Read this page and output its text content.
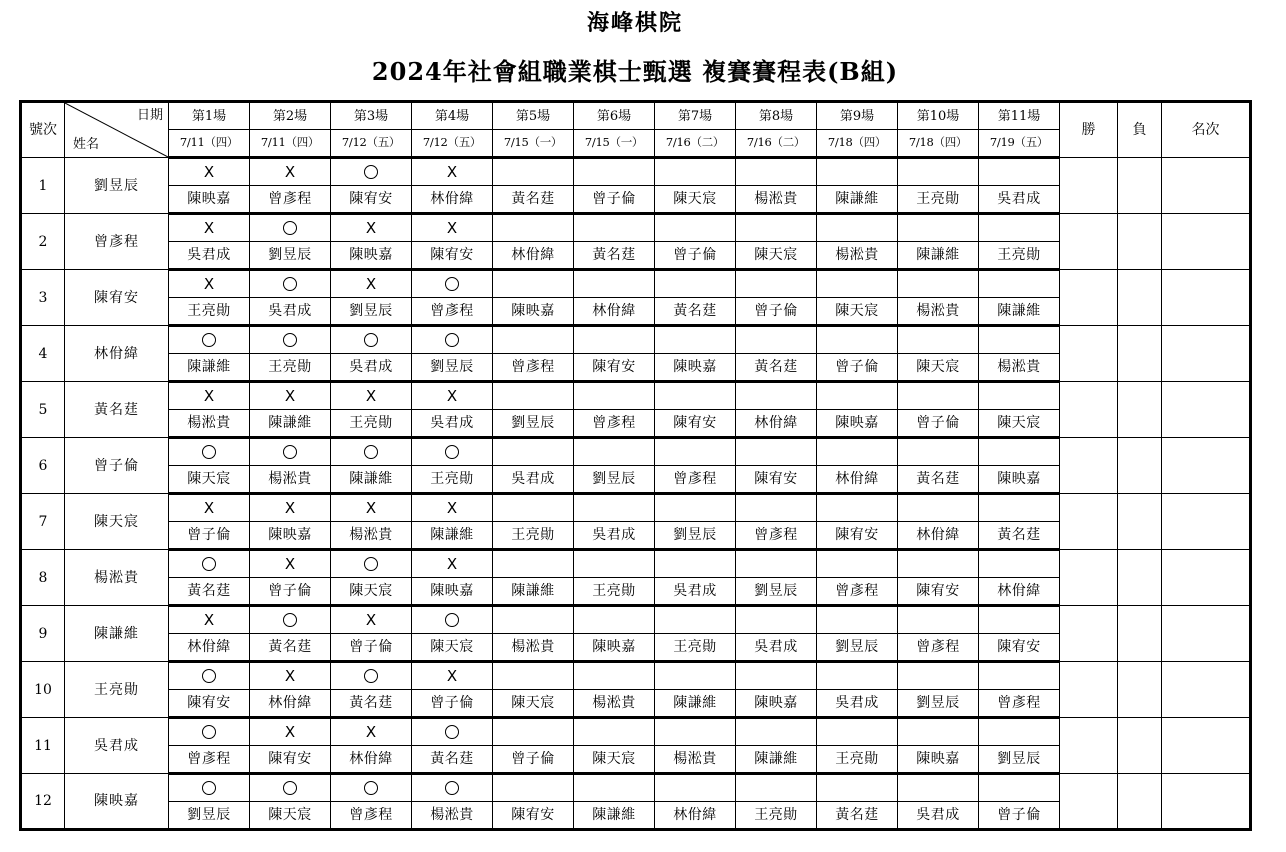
海峰棋院
2024年社會組職業棋士甄選 複賽賽程表(B組)
號次	日期
姓名	第1場	第2場	第3場	第4場	第5場	第6場	第7場	第8場	第9場	第10場	第11場	勝	負	名次
		7/11（四）	7/11（四）	7/12（五）	7/12（五）	7/15（一）	7/15（一）	7/16（二）	7/16（二）	7/18（四）	7/18（四）	7/19（五）			
1	劉昱辰	X	X		X										
		陳映嘉	曾彥程	陳宥安	林佾緯	黃名莛	曾子倫	陳天宸	楊淞貴	陳謙維	王亮勛	吳君成			
2	曾彥程	X		X	X										
		吳君成	劉昱辰	陳映嘉	陳宥安	林佾緯	黃名莛	曾子倫	陳天宸	楊淞貴	陳謙維	王亮勛			
3	陳宥安	X		X											
		王亮勛	吳君成	劉昱辰	曾彥程	陳映嘉	林佾緯	黃名莛	曾子倫	陳天宸	楊淞貴	陳謙維			
4	林佾緯														
		陳謙維	王亮勛	吳君成	劉昱辰	曾彥程	陳宥安	陳映嘉	黃名莛	曾子倫	陳天宸	楊淞貴			
5	黃名莛	X	X	X	X										
		楊淞貴	陳謙維	王亮勛	吳君成	劉昱辰	曾彥程	陳宥安	林佾緯	陳映嘉	曾子倫	陳天宸			
6	曾子倫														
		陳天宸	楊淞貴	陳謙維	王亮勛	吳君成	劉昱辰	曾彥程	陳宥安	林佾緯	黃名莛	陳映嘉			
7	陳天宸	X	X	X	X										
		曾子倫	陳映嘉	楊淞貴	陳謙維	王亮勛	吳君成	劉昱辰	曾彥程	陳宥安	林佾緯	黃名莛			
8	楊淞貴		X		X										
		黃名莛	曾子倫	陳天宸	陳映嘉	陳謙維	王亮勛	吳君成	劉昱辰	曾彥程	陳宥安	林佾緯			
9	陳謙維	X		X											
		林佾緯	黃名莛	曾子倫	陳天宸	楊淞貴	陳映嘉	王亮勛	吳君成	劉昱辰	曾彥程	陳宥安			
10	王亮勛		X		X										
		陳宥安	林佾緯	黃名莛	曾子倫	陳天宸	楊淞貴	陳謙維	陳映嘉	吳君成	劉昱辰	曾彥程			
11	吳君成		X	X											
		曾彥程	陳宥安	林佾緯	黃名莛	曾子倫	陳天宸	楊淞貴	陳謙維	王亮勛	陳映嘉	劉昱辰			
12	陳映嘉														
		劉昱辰	陳天宸	曾彥程	楊淞貴	陳宥安	陳謙維	林佾緯	王亮勛	黃名莛	吳君成	曾子倫			
